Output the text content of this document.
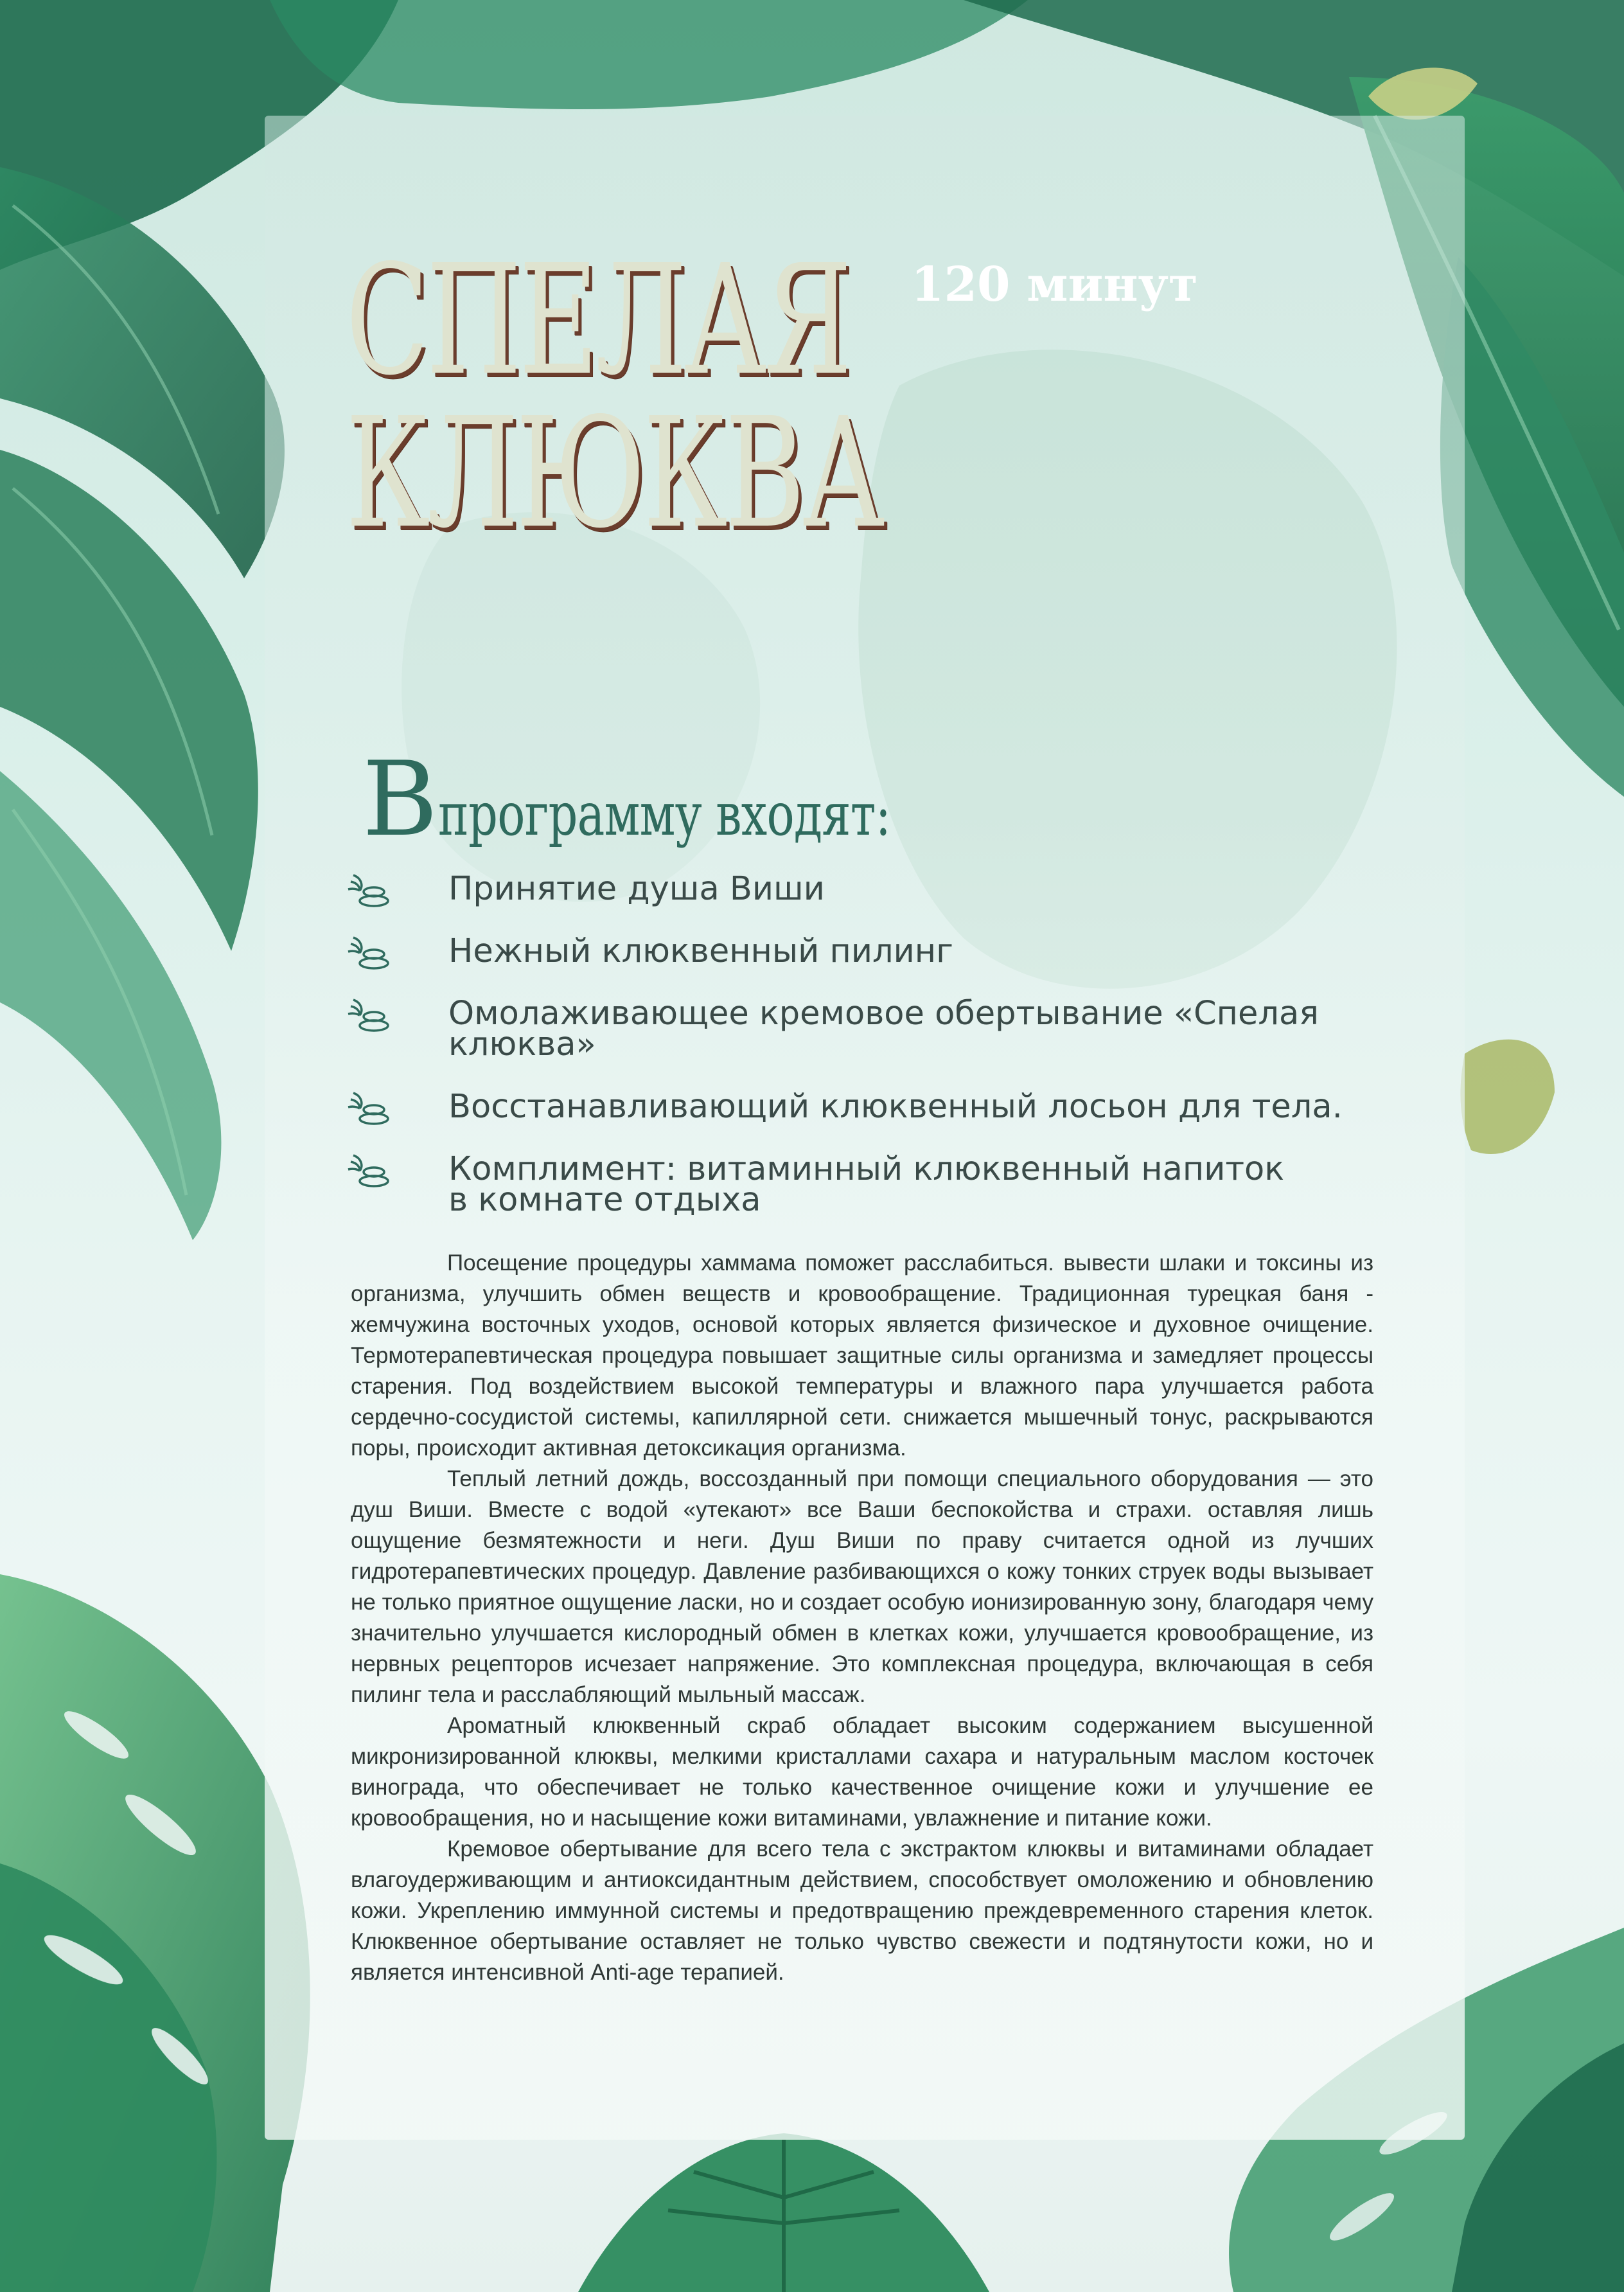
СПЕЛАЯ
КЛЮКВА
120 минут
Впрограмму входят:
Принятие душа Виши
Нежный клюквенный пилинг
Омолаживающее кремовое обертывание «Спелая клюква»
Восстанавливающий клюквенный лосьон для тела.
Комплимент: витаминный клюквенный напиток
в комнате отдыха

Посещение процедуры хаммама поможет расслабиться. вывести шлаки и токсины из организма, улучшить обмен веществ и кровообращение. Традиционная турецкая баня - жемчужина восточных уходов, основой которых является физическое и духовное очищение. Термотерапевтическая процедура повышает защитные силы организма и замедляет процессы старения. Под воздействием высокой температуры и влажного пара улучшается работа сердечно-сосудистой системы, капиллярной сети. снижается мышечный тонус, раскрываются поры, происходит активная детоксикация организма.

Теплый летний дождь, воссозданный при помощи специального оборудования — это душ Виши. Вместе с водой «утекают» все Ваши беспокойства и страхи. оставляя лишь ощущение безмятежности и неги. Душ Виши по праву считается одной из лучших гидротерапевтических процедур. Давление разбивающихся о кожу тонких струек воды вызывает не только приятное ощущение ласки, но и создает особую ионизированную зону, благодаря чему значительно улучшается кислородный обмен в клетках кожи, улучшается кровообращение, из нервных рецепторов исчезает напряжение. Это комплексная процедура, включающая в себя пилинг тела и расслабляющий мыльный массаж.

Ароматный клюквенный скраб обладает высоким содержанием высушенной микронизированной клюквы, мелкими кристаллами сахара и натуральным маслом косточек винограда, что обеспечивает не только качественное очищение кожи и улучшение ее кровообращения, но и насыщение кожи витаминами, увлажнение и питание кожи.

Кремовое обертывание для всего тела с экстрактом клюквы и витаминами обладает влагоудерживающим и антиоксидантным действием, способствует омоложению и обновлению кожи. Укреплению иммунной системы и предотвращению преждевременного старения клеток. Клюквенное обертывание оставляет не только чувство свежести и подтянутости кожи, но и является интенсивной Anti-age терапией.
